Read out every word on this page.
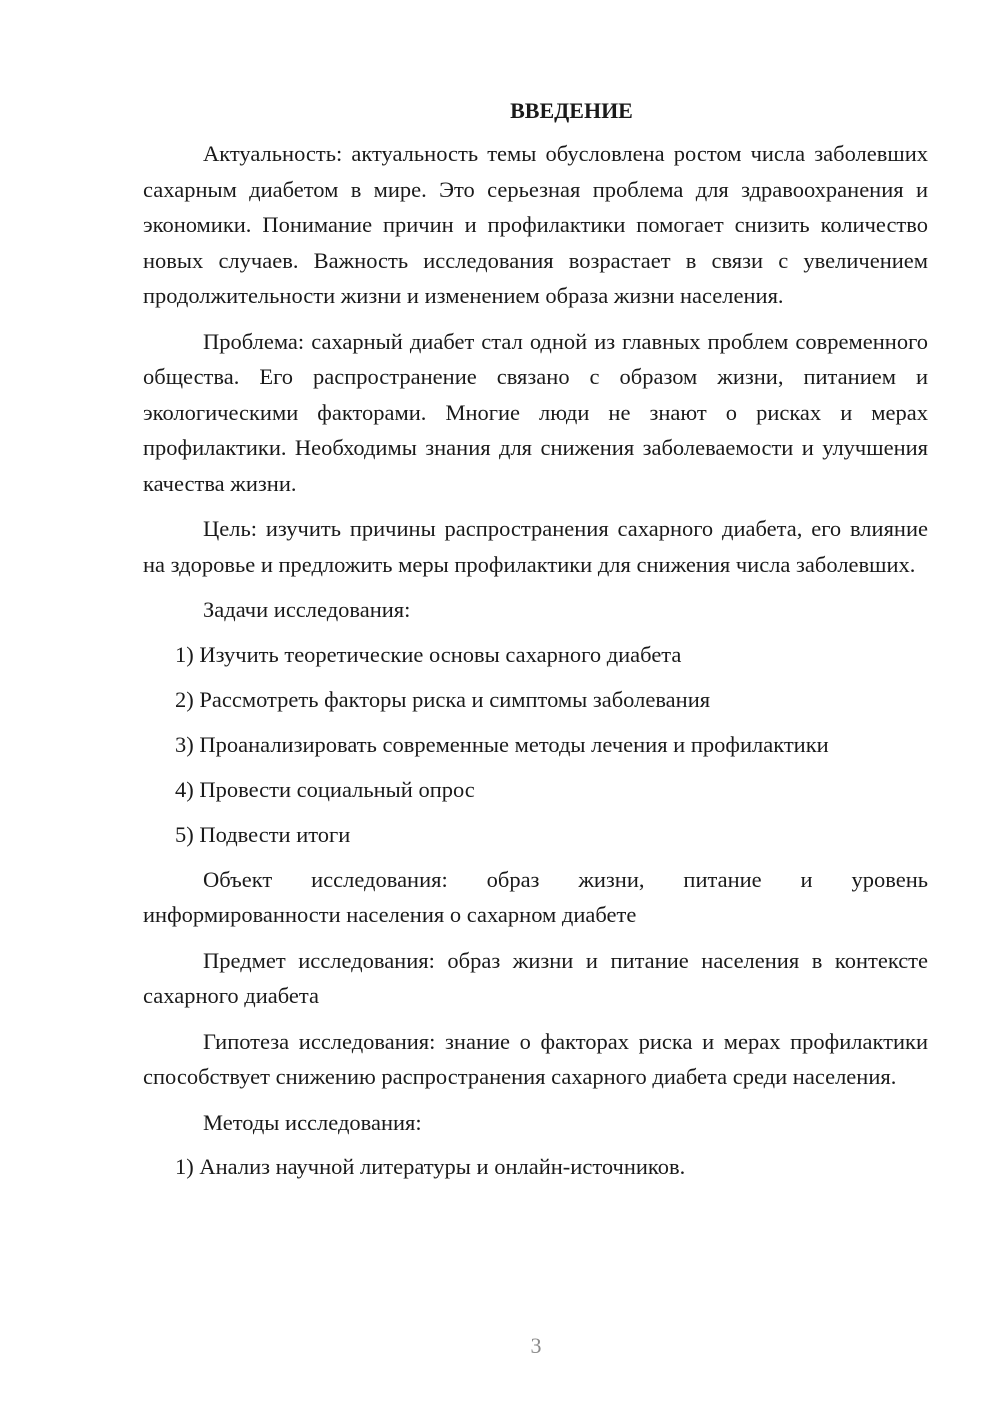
ВВЕДЕНИЕ

Актуальность: актуальность темы обусловлена ростом числа заболевших сахарным диабетом в мире. Это серьезная проблема для здравоохранения и экономики. Понимание причин и профилактики помогает снизить количество новых случаев. Важность исследования возрастает в связи с увеличением продолжительности жизни и изменением образа жизни населения.

Проблема: сахарный диабет стал одной из главных проблем современного общества. Его распространение связано с образом жизни, питанием и экологическими факторами. Многие люди не знают о рисках и мерах профилактики. Необходимы знания для снижения заболеваемости и улучшения качества жизни.

Цель: изучить причины распространения сахарного диабета, его влияние на здоровье и предложить меры профилактики для снижения числа заболевших.

Задачи исследования:

1) Изучить теоретические основы сахарного диабета

2) Рассмотреть факторы риска и симптомы заболевания

3) Проанализировать современные методы лечения и профилактики

4) Провести социальный опрос

5) Подвести итоги

Объект исследования: образ жизни, питание и уровень информированности населения о сахарном диабете

Предмет исследования: образ жизни и питание населения в контексте сахарного диабета

Гипотеза исследования: знание о факторах риска и мерах профилактики способствует снижению распространения сахарного диабета среди населения.

Методы исследования:

1) Анализ научной литературы и онлайн-источников.

3
